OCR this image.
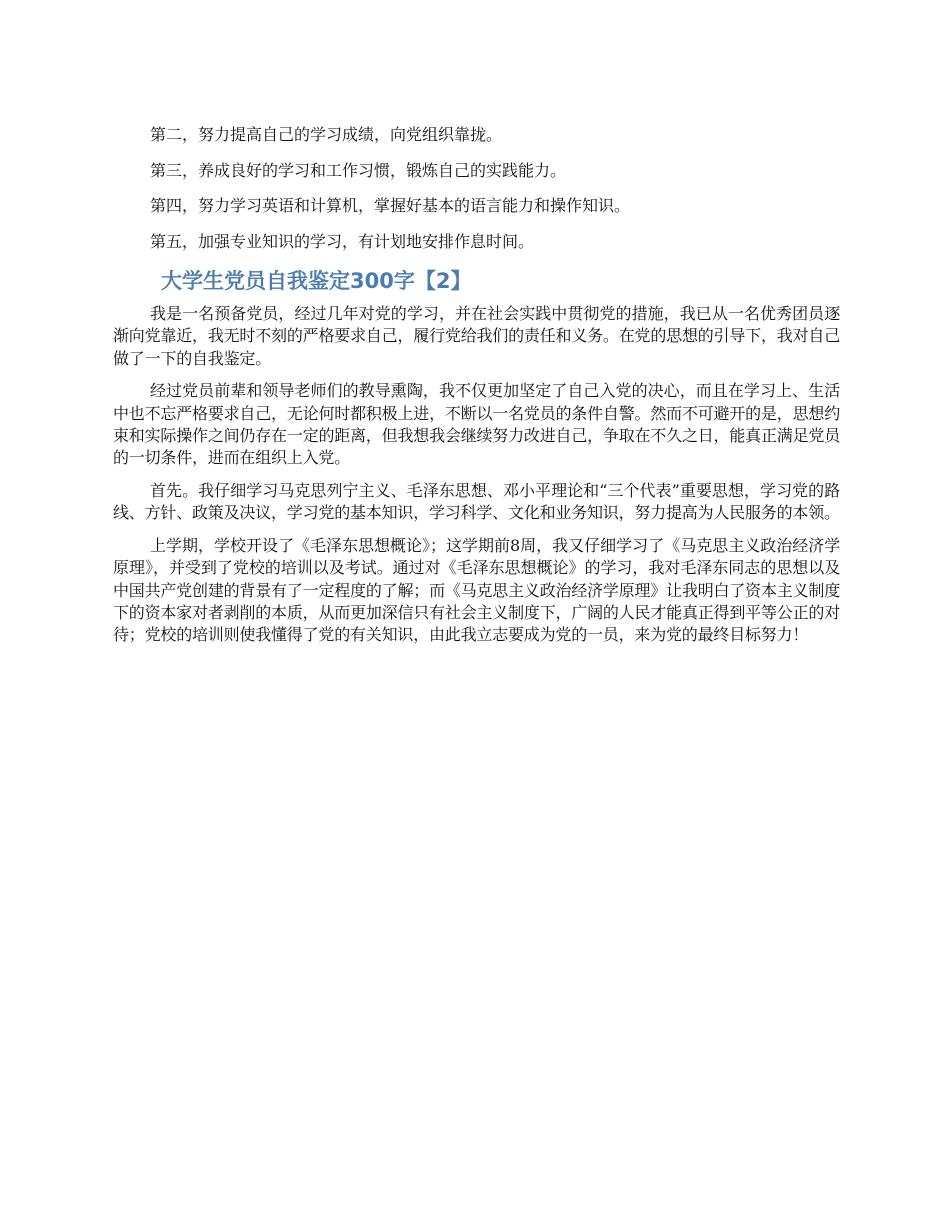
第二，努力提高自己的学习成绩，向党组织靠拢。

第三，养成良好的学习和工作习惯，锻炼自己的实践能力。

第四，努力学习英语和计算机，掌握好基本的语言能力和操作知识。

第五，加强专业知识的学习，有计划地安排作息时间。

大学生党员自我鉴定300字【2】

我是一名预备党员，经过几年对党的学习，并在社会实践中贯彻党的措施，我已从一名优秀团员逐渐向党靠近，我无时不刻的严格要求自己，履行党给我们的责任和义务。在党的思想的引导下，我对自己做了一下的自我鉴定。

经过党员前辈和领导老师们的教导熏陶，我不仅更加坚定了自己入党的决心，而且在学习上、生活中也不忘严格要求自己，无论何时都积极上进，不断以一名党员的条件自警。然而不可避开的是，思想约束和实际操作之间仍存在一定的距离，但我想我会继续努力改进自己，争取在不久之日，能真正满足党员的一切条件，进而在组织上入党。

首先。我仔细学习马克思列宁主义、毛泽东思想、邓小平理论和“三个代表”重要思想，学习党的路线、方针、政策及决议，学习党的基本知识，学习科学、文化和业务知识，努力提高为人民服务的本领。

上学期，学校开设了《毛泽东思想概论》；这学期前8周，我又仔细学习了《马克思主义政治经济学原理》，并受到了党校的培训以及考试。通过对《毛泽东思想概论》的学习，我对毛泽东同志的思想以及中国共产党创建的背景有了一定程度的了解；而《马克思主义政治经济学原理》让我明白了资本主义制度下的资本家对者剥削的本质，从而更加深信只有社会主义制度下，广阔的人民才能真正得到平等公正的对待；党校的培训则使我懂得了党的有关知识，由此我立志要成为党的一员，来为党的最终目标努力！
